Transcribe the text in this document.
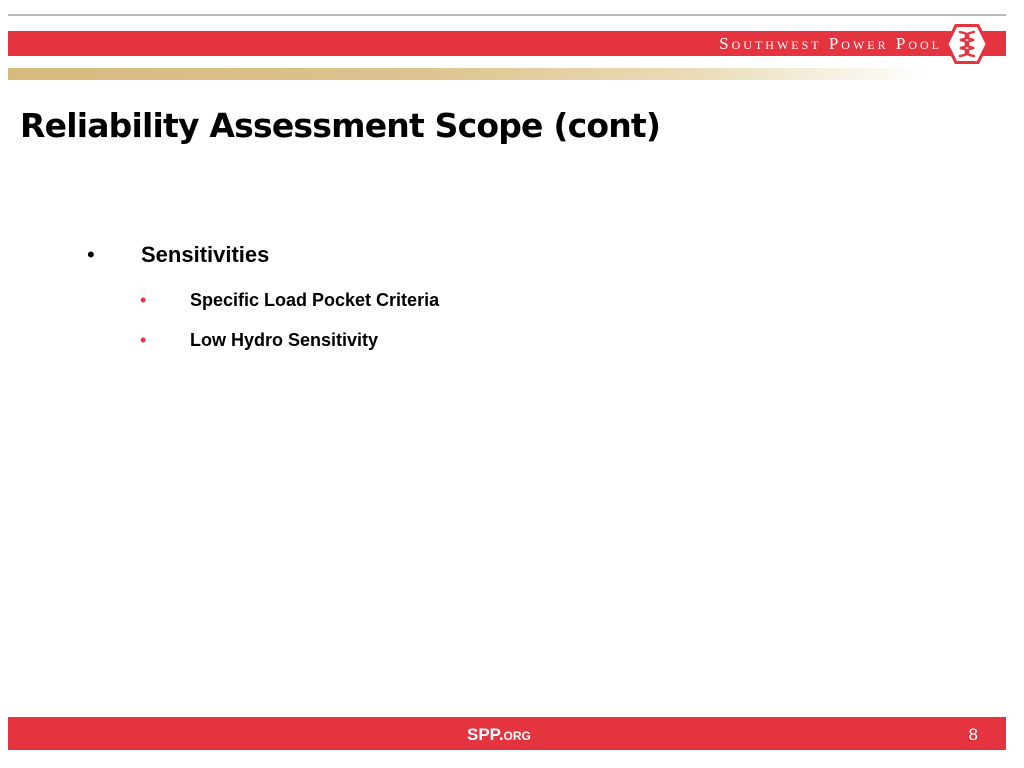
Southwest Power Pool
Reliability Assessment Scope (cont)
• Sensitivities
• Specific Load Pocket Criteria
• Low Hydro Sensitivity
SPP.org	8
